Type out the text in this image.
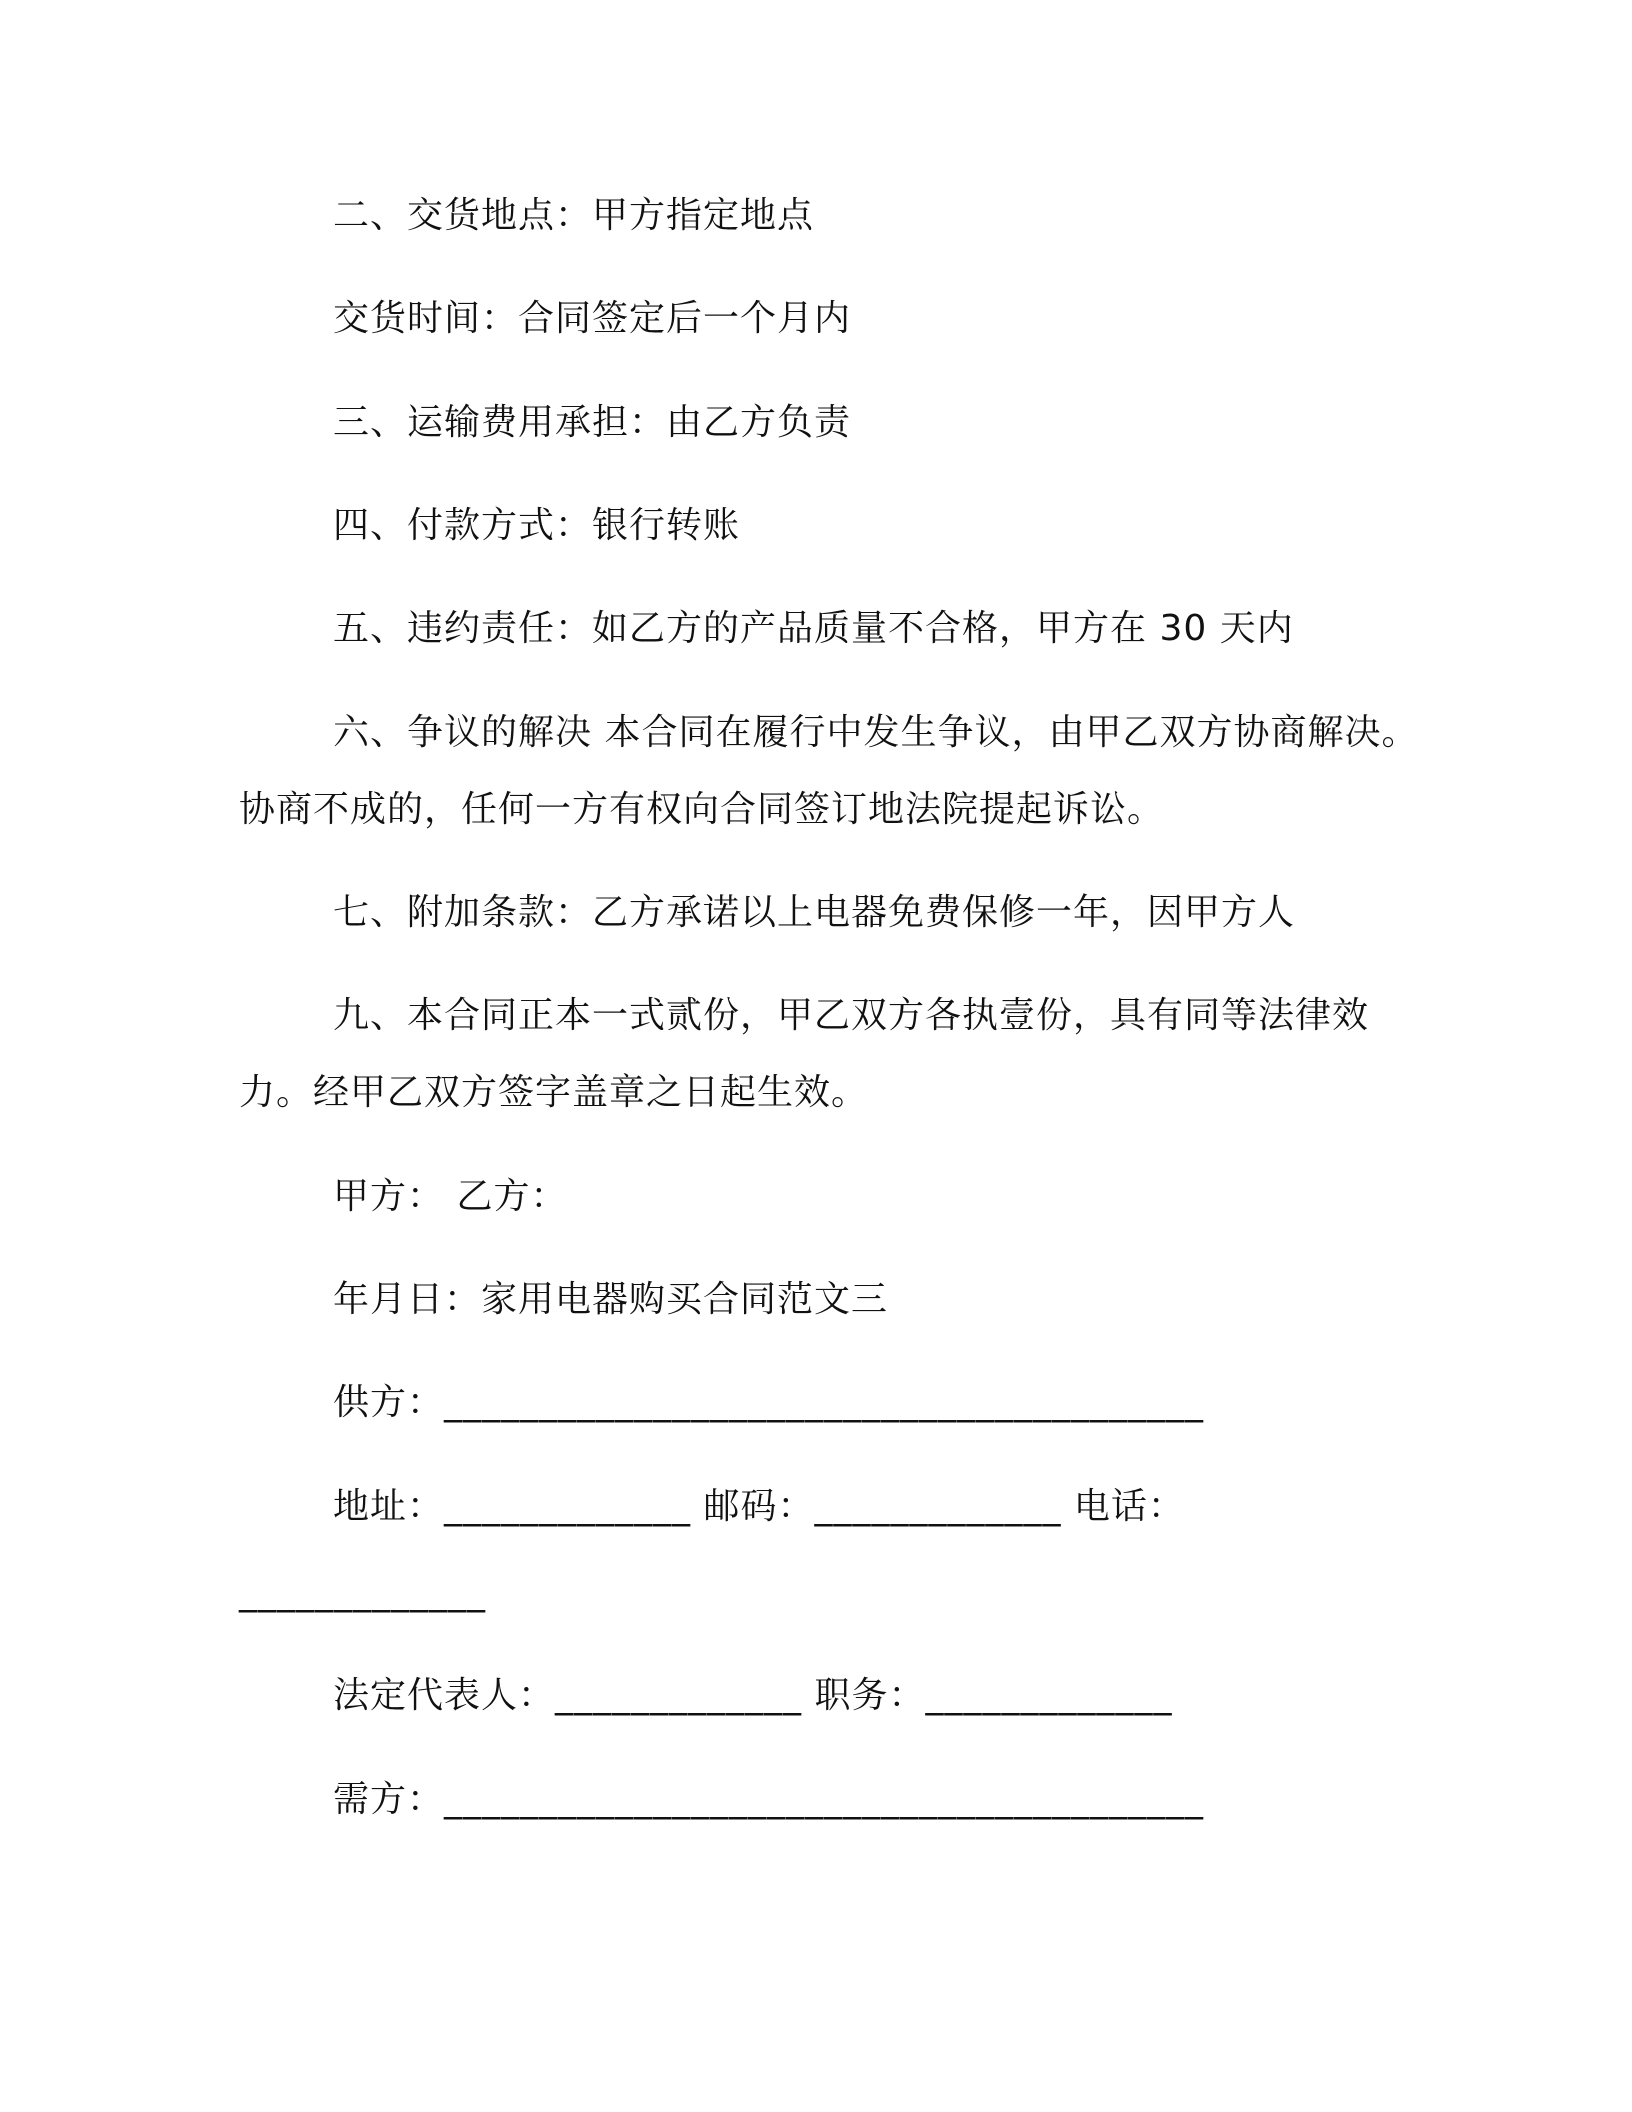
二、交货地点：甲方指定地点
交货时间：合同签定后一个月内
三、运输费用承担：由乙方负责
四、付款方式：银行转账
五、违约责任：如乙方的产品质量不合格，甲方在 30 天内
六、争议的解决 本合同在履行中发生争议，由甲乙双方协商解决。
协商不成的，任何一方有权向合同签订地法院提起诉讼。
七、附加条款：乙方承诺以上电器免费保修一年，因甲方人
九、本合同正本一式贰份，甲乙双方各执壹份，具有同等法律效
力。经甲乙双方签字盖章之日起生效。
甲方： 乙方：
年月日：家用电器购买合同范文三
供方：________________________________________
地址：_____________ 邮码：_____________ 电话：
_____________
法定代表人：_____________ 职务：_____________
需方：________________________________________
